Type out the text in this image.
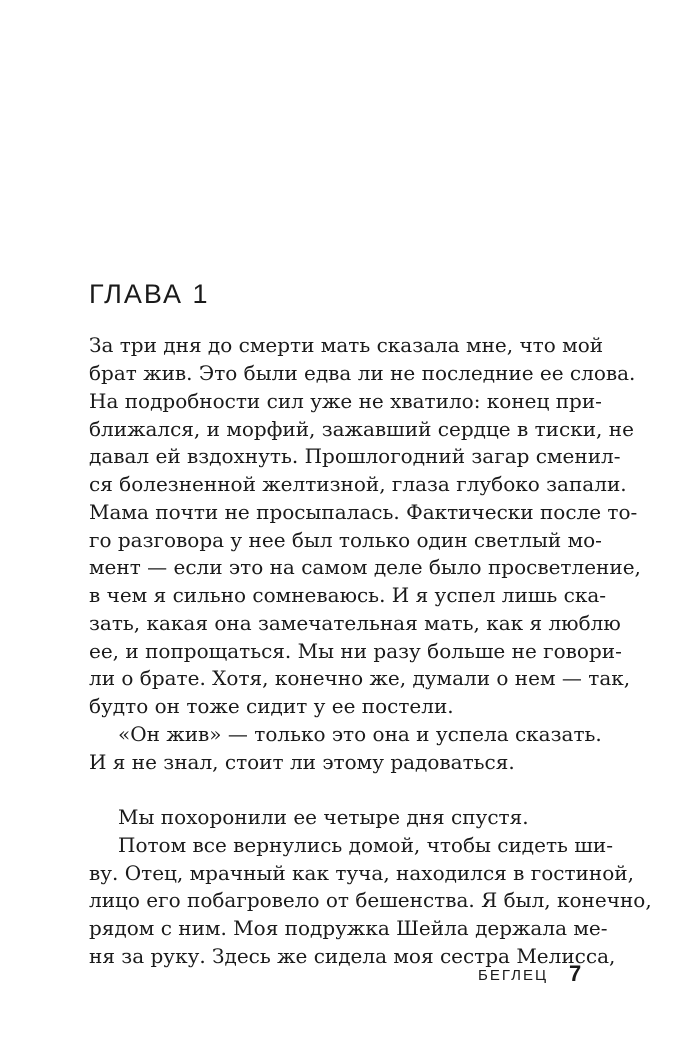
ГЛАВА 1

За три дня до смерти мать сказала мне, что мой

брат жив. Это были едва ли не последние ее слова.

На подробности сил уже не хватило: конец при-

ближался, и морфий, зажавший сердце в тиски, не

давал ей вздохнуть. Прошлогодний загар сменил-

ся болезненной желтизной, глаза глубоко запали.

Мама почти не просыпалась. Фактически после то-

го разговора у нее был только один светлый мо-

мент — если это на самом деле было просветление,

в чем я сильно сомневаюсь. И я успел лишь ска-

зать, какая она замечательная мать, как я люблю

ее, и попрощаться. Мы ни разу больше не говори-

ли о брате. Хотя, конечно же, думали о нем — так,

будто он тоже сидит у ее постели.

«Он жив» — только это она и успела сказать.

И я не знал, стоит ли этому радоваться.

Мы похоронили ее четыре дня спустя.

Потом все вернулись домой, чтобы сидеть ши-

ву. Отец, мрачный как туча, находился в гостиной,

лицо его побагровело от бешенства. Я был, конечно,

рядом с ним. Моя подружка Шейла держала ме-

ня за руку. Здесь же сидела моя сестра Мелисса,

БЕГЛЕЦ 7
